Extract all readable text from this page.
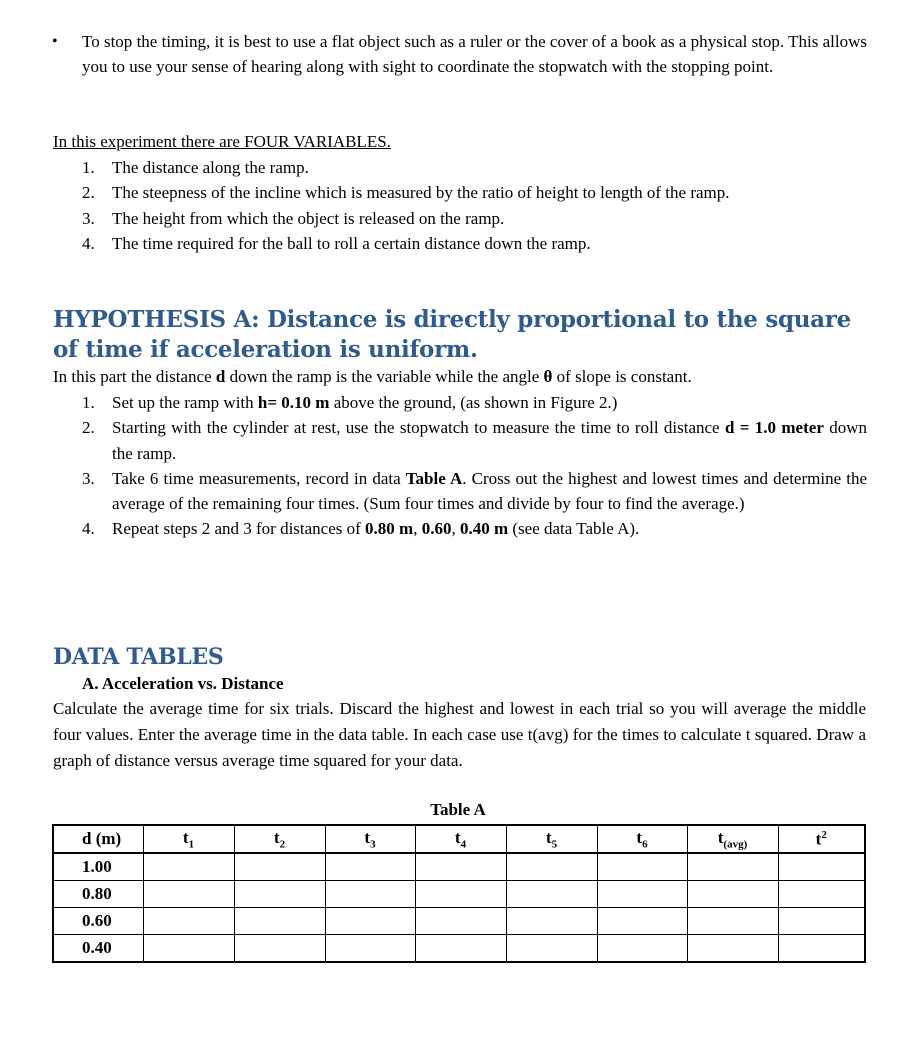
•	To stop the timing, it is best to use a flat object such as a ruler or the cover of a book as a physical stop. This allows you to use your sense of hearing along with sight to coordinate the stopwatch with the stopping point.
In this experiment there are FOUR VARIABLES.
1.	The distance along the ramp.
2.	The steepness of the incline which is measured by the ratio of height to length of the ramp.
3.	The height from which the object is released on the ramp.
4.	The time required for the ball to roll a certain distance down the ramp.
HYPOTHESIS A: Distance is directly proportional to the square of time if acceleration is uniform.
In this part the distance d down the ramp is the variable while the angle θ of slope is constant.
1.	Set up the ramp with h= 0.10 m above the ground, (as shown in Figure 2.)
2.	Starting with the cylinder at rest, use the stopwatch to measure the time to roll distance d = 1.0 meter down the ramp.
3.	Take 6 time measurements, record in data Table A. Cross out the highest and lowest times and determine the average of the remaining four times. (Sum four times and divide by four to find the average.)
4.	Repeat steps 2 and 3 for distances of 0.80 m, 0.60, 0.40 m (see data Table A).
DATA TABLES
A. Acceleration vs. Distance
Calculate the average time for six trials. Discard the highest and lowest in each trial so you will average the middle four values. Enter the average time in the data table. In each case use t(avg) for the times to calculate t squared. Draw a graph of distance versus average time squared for your data.
Table A
d (m)	$t_1$	$t_2$	$t_3$	$t_4$	$t_5$	$t_6$	$t_{(avg)}$	$t^2$
1.00								
0.80								
0.60								
0.40								
